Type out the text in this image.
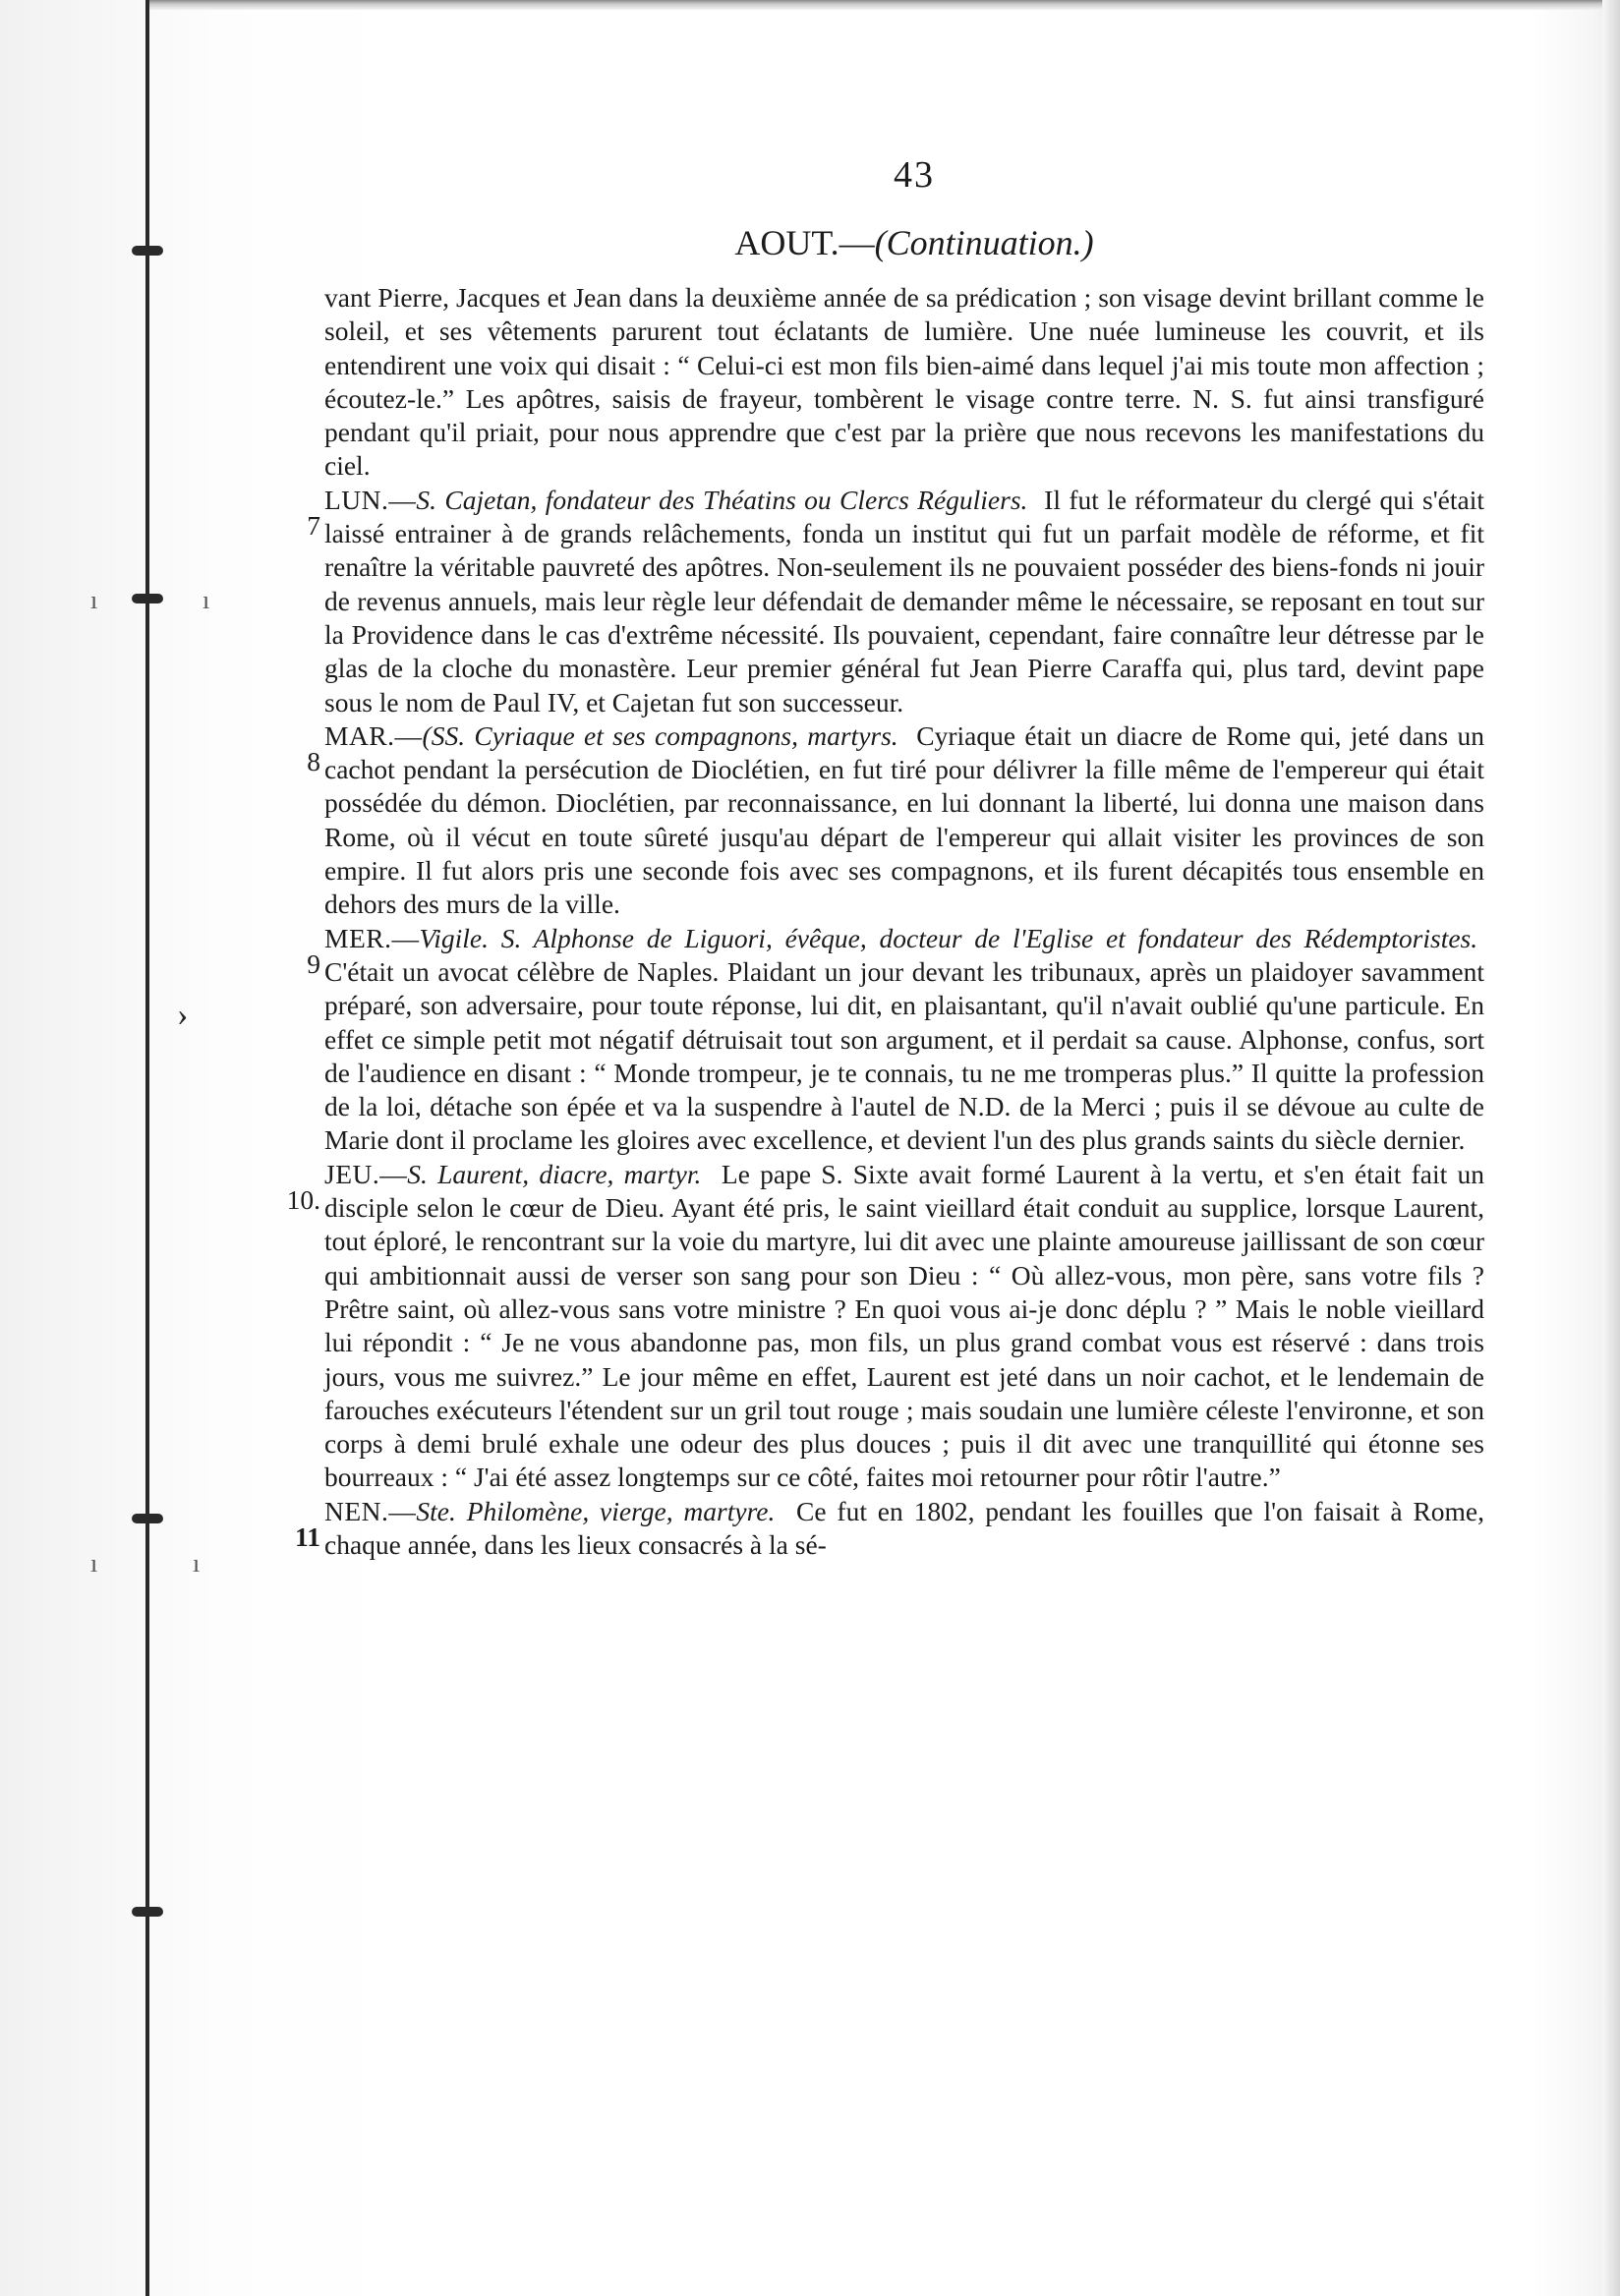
ı	ı
›
ı	ı
43
AOUT.—(Continuation.)

vant Pierre, Jacques et Jean dans la deuxième année de sa prédication ; son visage devint brillant comme le soleil, et ses vêtements parurent tout éclatants de lumière. Une nuée lumineuse les couvrit, et ils entendirent une voix qui disait : “ Celui-ci est mon fils bien-aimé dans lequel j'ai mis toute mon affection ; écoutez-le.” Les apôtres, saisis de frayeur, tombèrent le visage contre terre. N. S. fut ainsi transfiguré pendant qu'il priait, pour nous apprendre que c'est par la prière que nous recevons les manifestations du ciel.

7
LUN.—S. Cajetan, fondateur des Théatins ou Clercs Réguliers. Il fut le réformateur du clergé qui s'était laissé entrainer à de grands relâchements, fonda un institut qui fut un parfait modèle de réforme, et fit renaître la véritable pauvreté des apôtres. Non-seulement ils ne pouvaient posséder des biens-fonds ni jouir de revenus annuels, mais leur règle leur défendait de demander même le nécessaire, se reposant en tout sur la Providence dans le cas d'extrême nécessité. Ils pouvaient, cependant, faire connaître leur détresse par le glas de la cloche du monastère. Leur premier général fut Jean Pierre Caraffa qui, plus tard, devint pape sous le nom de Paul IV, et Cajetan fut son successeur.

8
MAR.—(SS. Cyriaque et ses compagnons, martyrs. Cyriaque était un diacre de Rome qui, jeté dans un cachot pendant la persécution de Dioclétien, en fut tiré pour délivrer la fille même de l'empereur qui était possédée du démon. Dioclétien, par reconnaissance, en lui donnant la liberté, lui donna une maison dans Rome, où il vécut en toute sûreté jusqu'au départ de l'empereur qui allait visiter les provinces de son empire. Il fut alors pris une seconde fois avec ses compagnons, et ils furent décapités tous ensemble en dehors des murs de la ville.

9
MER.—Vigile. S. Alphonse de Liguori, évêque, docteur de l'Eglise et fondateur des Rédemptoristes.  C'était un avocat célèbre de Naples. Plaidant un jour devant les tribunaux, après un plaidoyer savamment préparé, son adversaire, pour toute réponse, lui dit, en plaisantant, qu'il n'avait oublié qu'une particule. En effet ce simple petit mot négatif détruisait tout son argument, et il perdait sa cause. Alphonse, confus, sort de l'audience en disant : “ Monde trompeur, je te connais, tu ne me tromperas plus.” Il quitte la profession de la loi, détache son épée et va la suspendre à l'autel de N.D. de la Merci ; puis il se dévoue au culte de Marie dont il proclame les gloires avec excellence, et devient l'un des plus grands saints du siècle dernier.

10.
JEU.—S. Laurent, diacre, martyr. Le pape S. Sixte avait formé Laurent à la vertu, et s'en était fait un disciple selon le cœur de Dieu. Ayant été pris, le saint vieillard était conduit au supplice, lorsque Laurent, tout éploré, le rencontrant sur la voie du martyre, lui dit avec une plainte amoureuse jaillissant de son cœur qui ambitionnait aussi de verser son sang pour son Dieu : “ Où allez-vous, mon père, sans votre fils ? Prêtre saint, où allez-vous sans votre ministre ? En quoi vous ai-je donc déplu ? ” Mais le noble vieillard lui répondit : “ Je ne vous abandonne pas, mon fils, un plus grand combat vous est réservé : dans trois jours, vous me suivrez.” Le jour même en effet, Laurent est jeté dans un noir cachot, et le lendemain de farouches exécuteurs l'étendent sur un gril tout rouge ; mais soudain une lumière céleste l'environne, et son corps à demi brulé exhale une odeur des plus douces ; puis il dit avec une tranquillité qui étonne ses bourreaux : “ J'ai été assez longtemps sur ce côté, faites moi retourner pour rôtir l'autre.”

11
NEN.—Ste. Philomène, vierge, martyre. Ce fut en 1802, pendant les fouilles que l'on faisait à Rome, chaque année, dans les lieux consacrés à la sé-
